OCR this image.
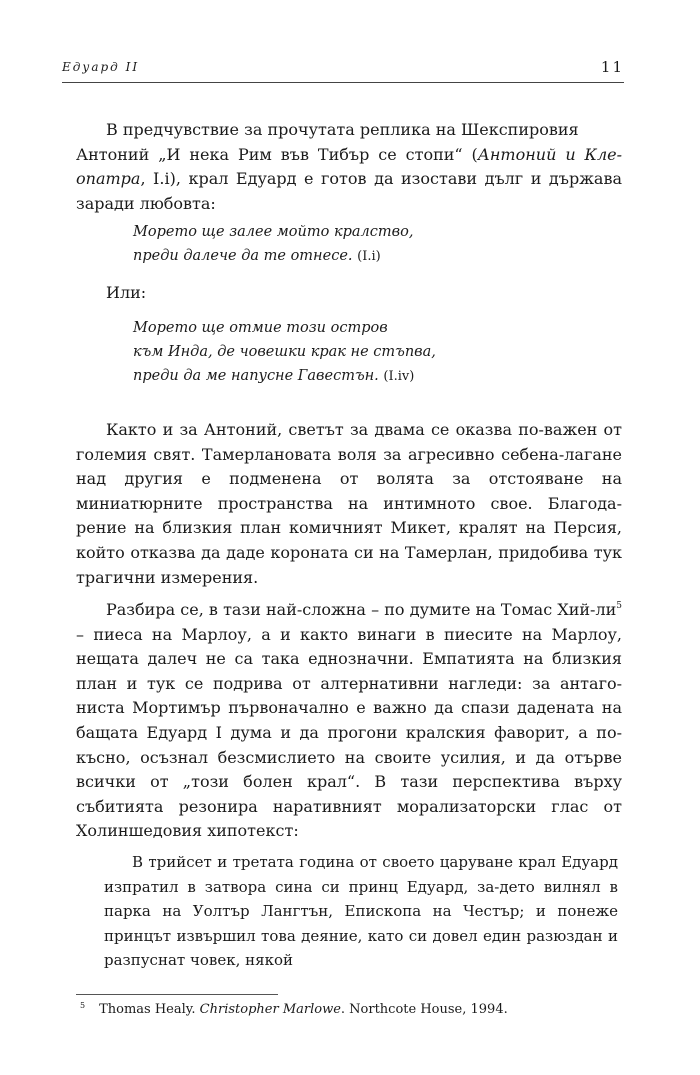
Едуард II	11

В предчувствие за прочутата реплика на ШекспировияАнтоний „И нека Рим във Тибър се стопи“ (Антоний и Кле-опатра, I.i), крал Едуард е готов да изостави дълг и държава заради любовта:

Морето ще залее мойто кралство,
преди далече да те отнесе. (I.i)
Или:
Морето ще отмие този остров
към Инда, де човешки крак не стъпва,
преди да ме напусне Гавестън. (I.iv)

Както и за Антоний, светът за двама се оказва по-важен от големия свят. Тамерлановата воля за агресивно себена-лагане над другия е подменена от волята за отстояване на миниатюрните пространства на интимното свое. Благода-рение на близкия план комичният Микет, кралят на Персия, който отказва да даде короната си на Тамерлан, придобива тук трагични измерения.

Разбира се, в тази най-сложна – по думите на Томас Хий-$ли^5$ – пиеса на Марлоу, а и както винаги в пиесите на Марлоу, нещата далеч не са така еднозначни. Емпатията на близкия план и тук се подрива от алтернативни нагледи: за антаго-ниста Мортимър първоначално е важно да спази дадената на бащата Едуард I дума и да прогони кралския фаворит, а по-късно, осъзнал безсмислието на своите усилия, и да отърве всички от „този болен крал“. В тази перспектива върху събитията резонира наративният морализаторски глас от Холиншедовия хипотекст:

В трийсет и третата година от своето царуване крал Едуард изпратил в затвора сина си принц Едуард, за-дето вилнял в парка на Уолтър Лангтън, Епископа на Честър; и понеже принцът извършил това деяние, като си довел един разюздан и разпуснат човек, някой

$^5$ Thomas Healy. Christopher Marlowe. Northcote House, 1994.
